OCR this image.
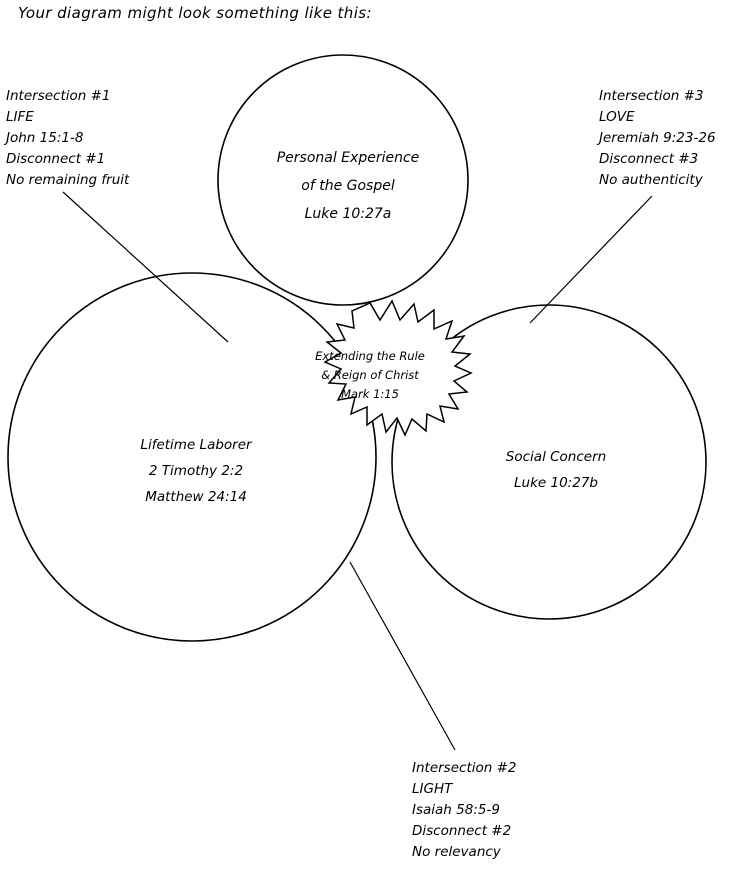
Your diagram might look something like this:
Personal Experience
of the Gospel
Luke 10:27a
Lifetime Laborer
2 Timothy 2:2
Matthew 24:14
Social Concern
Luke 10:27b
Extending the Rule
& Reign of Christ
Mark 1:15
Intersection #1
LIFE
John 15:1-8
Disconnect #1
No remaining fruit
Intersection #3
LOVE
Jeremiah 9:23-26
Disconnect #3
No authenticity
Intersection #2
LIGHT
Isaiah 58:5-9
Disconnect #2
No relevancy
